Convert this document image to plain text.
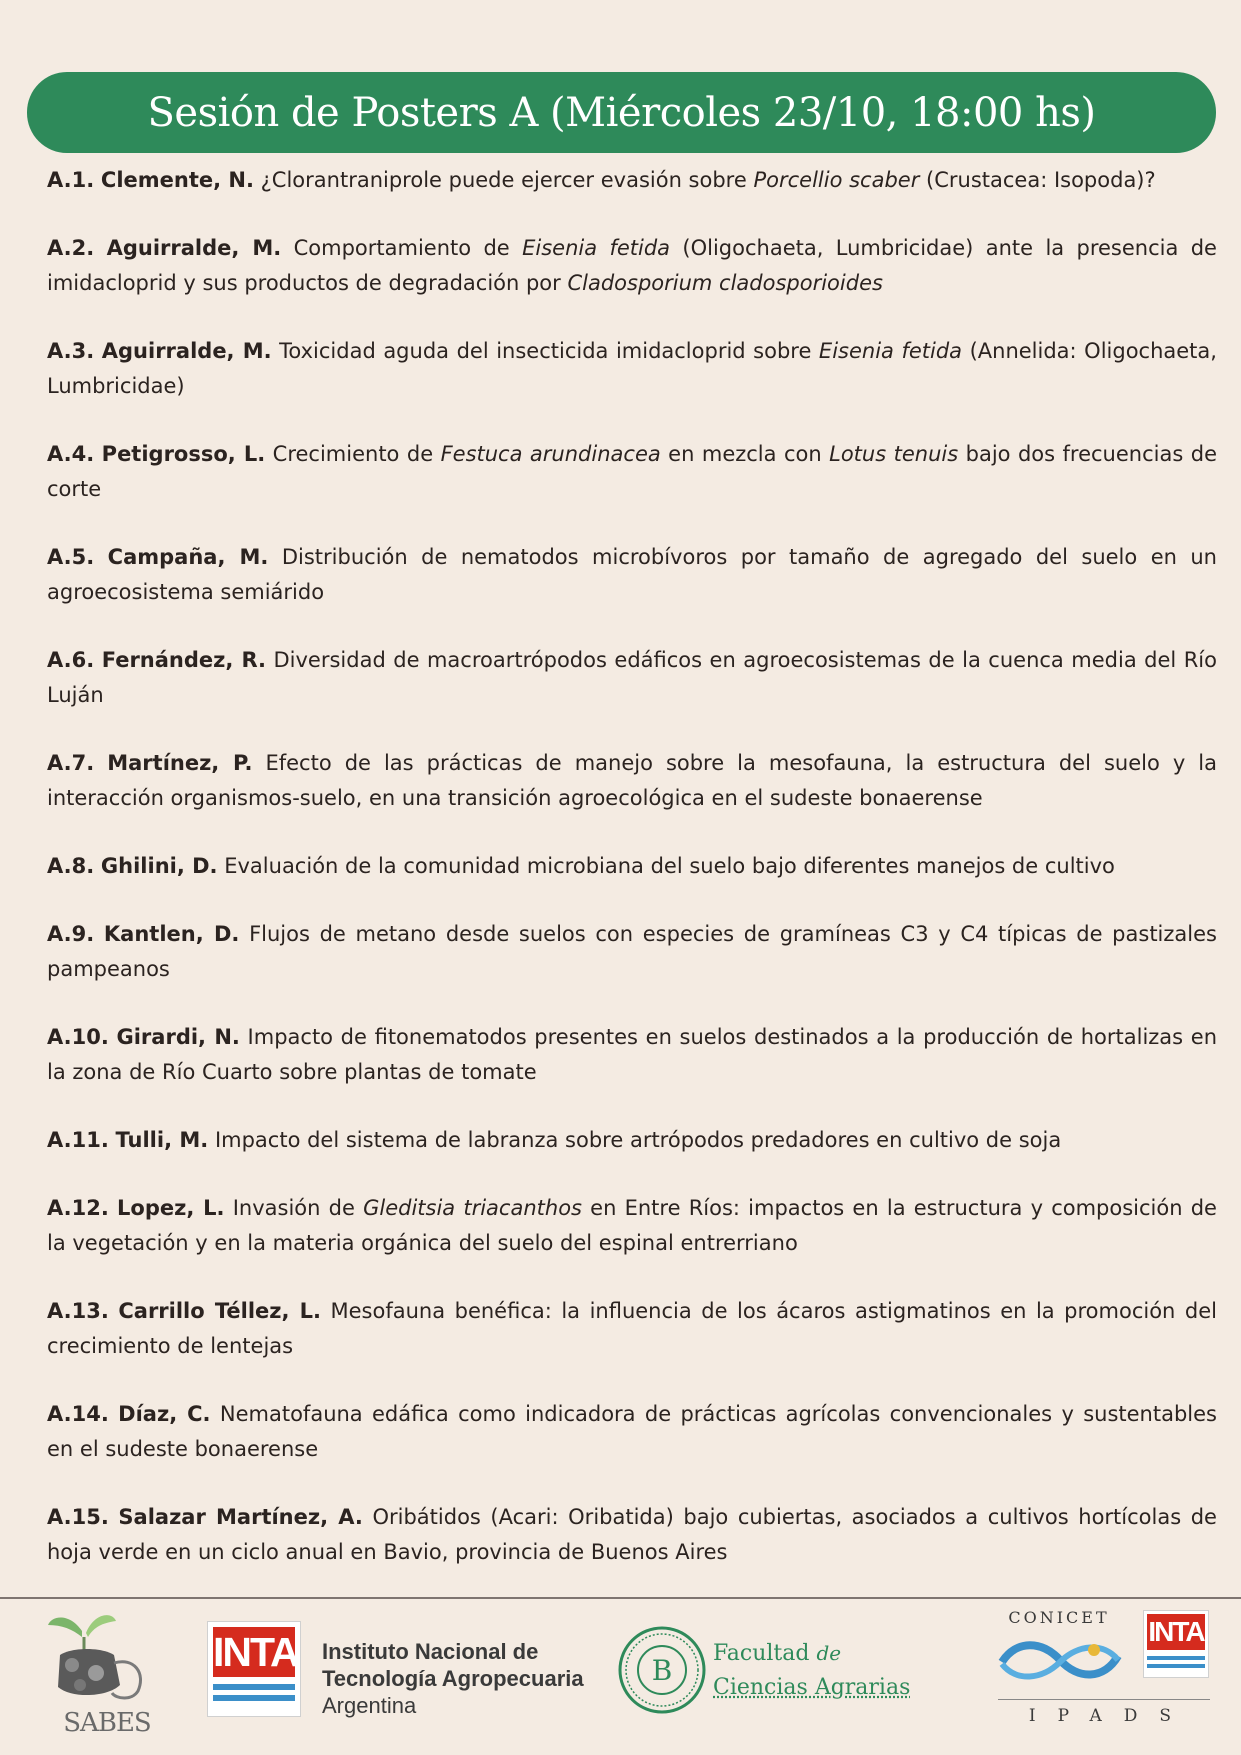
Sesión de Posters A (Miércoles 23/10, 18:00 hs)

A.1. Clemente, N. ¿Clorantraniprole puede ejercer evasión sobre Porcellio scaber (Crustacea: Isopoda)?

A.2. Aguirralde, M. Comportamiento de Eisenia fetida (Oligochaeta, Lumbricidae) ante la presencia de imidacloprid y sus productos de degradación por Cladosporium cladosporioides

A.3. Aguirralde, M. Toxicidad aguda del insecticida imidacloprid sobre Eisenia fetida (Annelida: Oligochaeta, Lumbricidae)

A.4. Petigrosso, L. Crecimiento de Festuca arundinacea en mezcla con Lotus tenuis bajo dos frecuencias de corte

A.5. Campaña, M. Distribución de nematodos microbívoros por tamaño de agregado del suelo en un agroecosistema semiárido

A.6. Fernández, R. Diversidad de macroartrópodos edáficos en agroecosistemas de la cuenca media del Río Luján

A.7. Martínez, P. Efecto de las prácticas de manejo sobre la mesofauna, la estructura del suelo y la interacción organismos-suelo, en una transición agroecológica en el sudeste bonaerense

A.8. Ghilini, D. Evaluación de la comunidad microbiana del suelo bajo diferentes manejos de cultivo

A.9. Kantlen, D. Flujos de metano desde suelos con especies de gramíneas C3 y C4 típicas de pastizales pampeanos

A.10. Girardi, N. Impacto de fitonematodos presentes en suelos destinados a la producción de hortalizas en la zona de Río Cuarto sobre plantas de tomate

A.11. Tulli, M. Impacto del sistema de labranza sobre artrópodos predadores en cultivo de soja

A.12. Lopez, L. Invasión de Gleditsia triacanthos en Entre Ríos: impactos en la estructura y composición de la vegetación y en la materia orgánica del suelo del espinal entrerriano

A.13. Carrillo Téllez, L. Mesofauna benéfica: la influencia de los ácaros astigmatinos en la promoción del crecimiento de lentejas

A.14. Díaz, C. Nematofauna edáfica como indicadora de prácticas agrícolas convencionales y sustentables en el sudeste bonaerense

A.15. Salazar Martínez, A. Oribátidos (Acari: Oribatida) bajo cubiertas, asociados a cultivos hortícolas de hoja verde en un ciclo anual en Bavio, provincia de Buenos Aires

SABES
INTA Instituto Nacional de
Tecnología Agropecuaria
Argentina
B
Facultad de
Ciencias Agrarias
CONICET	INTA
IPADS
